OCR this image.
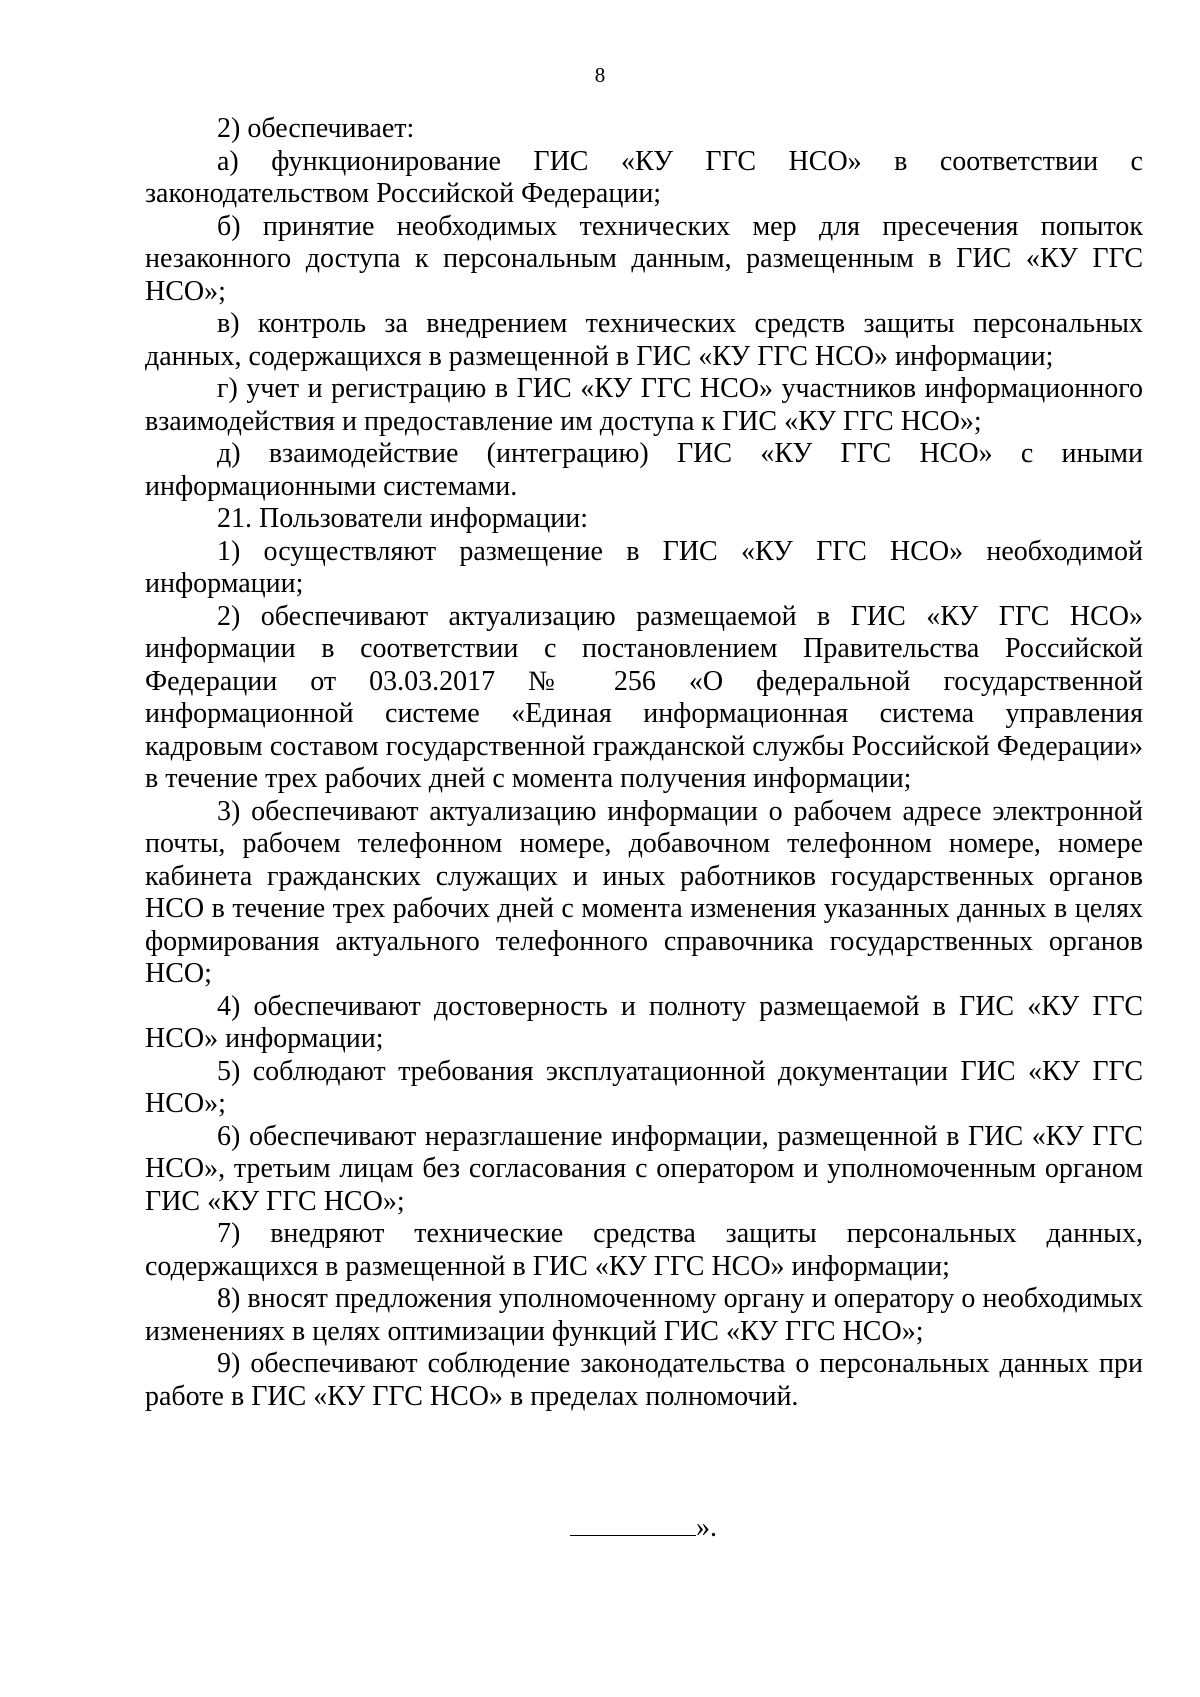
8

2) обеспечивает:

а) функционирование ГИС «КУ ГГС НСО» в соответствии с законодательством Российской Федерации;

б) принятие необходимых технических мер для пресечения попыток незаконного доступа к персональным данным, размещенным в ГИС «КУ ГГС НСО»;

в) контроль за внедрением технических средств защиты персональных данных, содержащихся в размещенной в ГИС «КУ ГГС НСО» информации;

г) учет и регистрацию в ГИС «КУ ГГС НСО» участников информационного взаимодействия и предоставление им доступа к ГИС «КУ ГГС НСО»;

д) взаимодействие (интеграцию) ГИС «КУ ГГС НСО» с иными информационными системами.

21. Пользователи информации:

1) осуществляют размещение в ГИС «КУ ГГС НСО» необходимой информации;

2) обеспечивают актуализацию размещаемой в ГИС «КУ ГГС НСО» информации в соответствии с постановлением Правительства Российской Федерации от 03.03.2017 № 256 «О федеральной государственной информационной системе «Единая информационная система управления кадровым составом государственной гражданской службы Российской Федерации» в течение трех рабочих дней с момента получения информации;

3) обеспечивают актуализацию информации о рабочем адресе электронной почты, рабочем телефонном номере, добавочном телефонном номере, номере кабинета гражданских служащих и иных работников государственных органов НСО в течение трех рабочих дней с момента изменения указанных данных в целях формирования актуального телефонного справочника государственных органов НСО;

4) обеспечивают достоверность и полноту размещаемой в ГИС «КУ ГГС НСО» информации;

5) соблюдают требования эксплуатационной документации ГИС «КУ ГГС НСО»;

6) обеспечивают неразглашение информации, размещенной в ГИС «КУ ГГС НСО», третьим лицам без согласования с оператором и уполномоченным органом ГИС «КУ ГГС НСО»;

7) внедряют технические средства защиты персональных данных, содержащихся в размещенной в ГИС «КУ ГГС НСО» информации;

8) вносят предложения уполномоченному органу и оператору о необходимых изменениях в целях оптимизации функций ГИС «КУ ГГС НСО»;

9) обеспечивают соблюдение законодательства о персональных данных при работе в ГИС «КУ ГГС НСО» в пределах полномочий.

».
